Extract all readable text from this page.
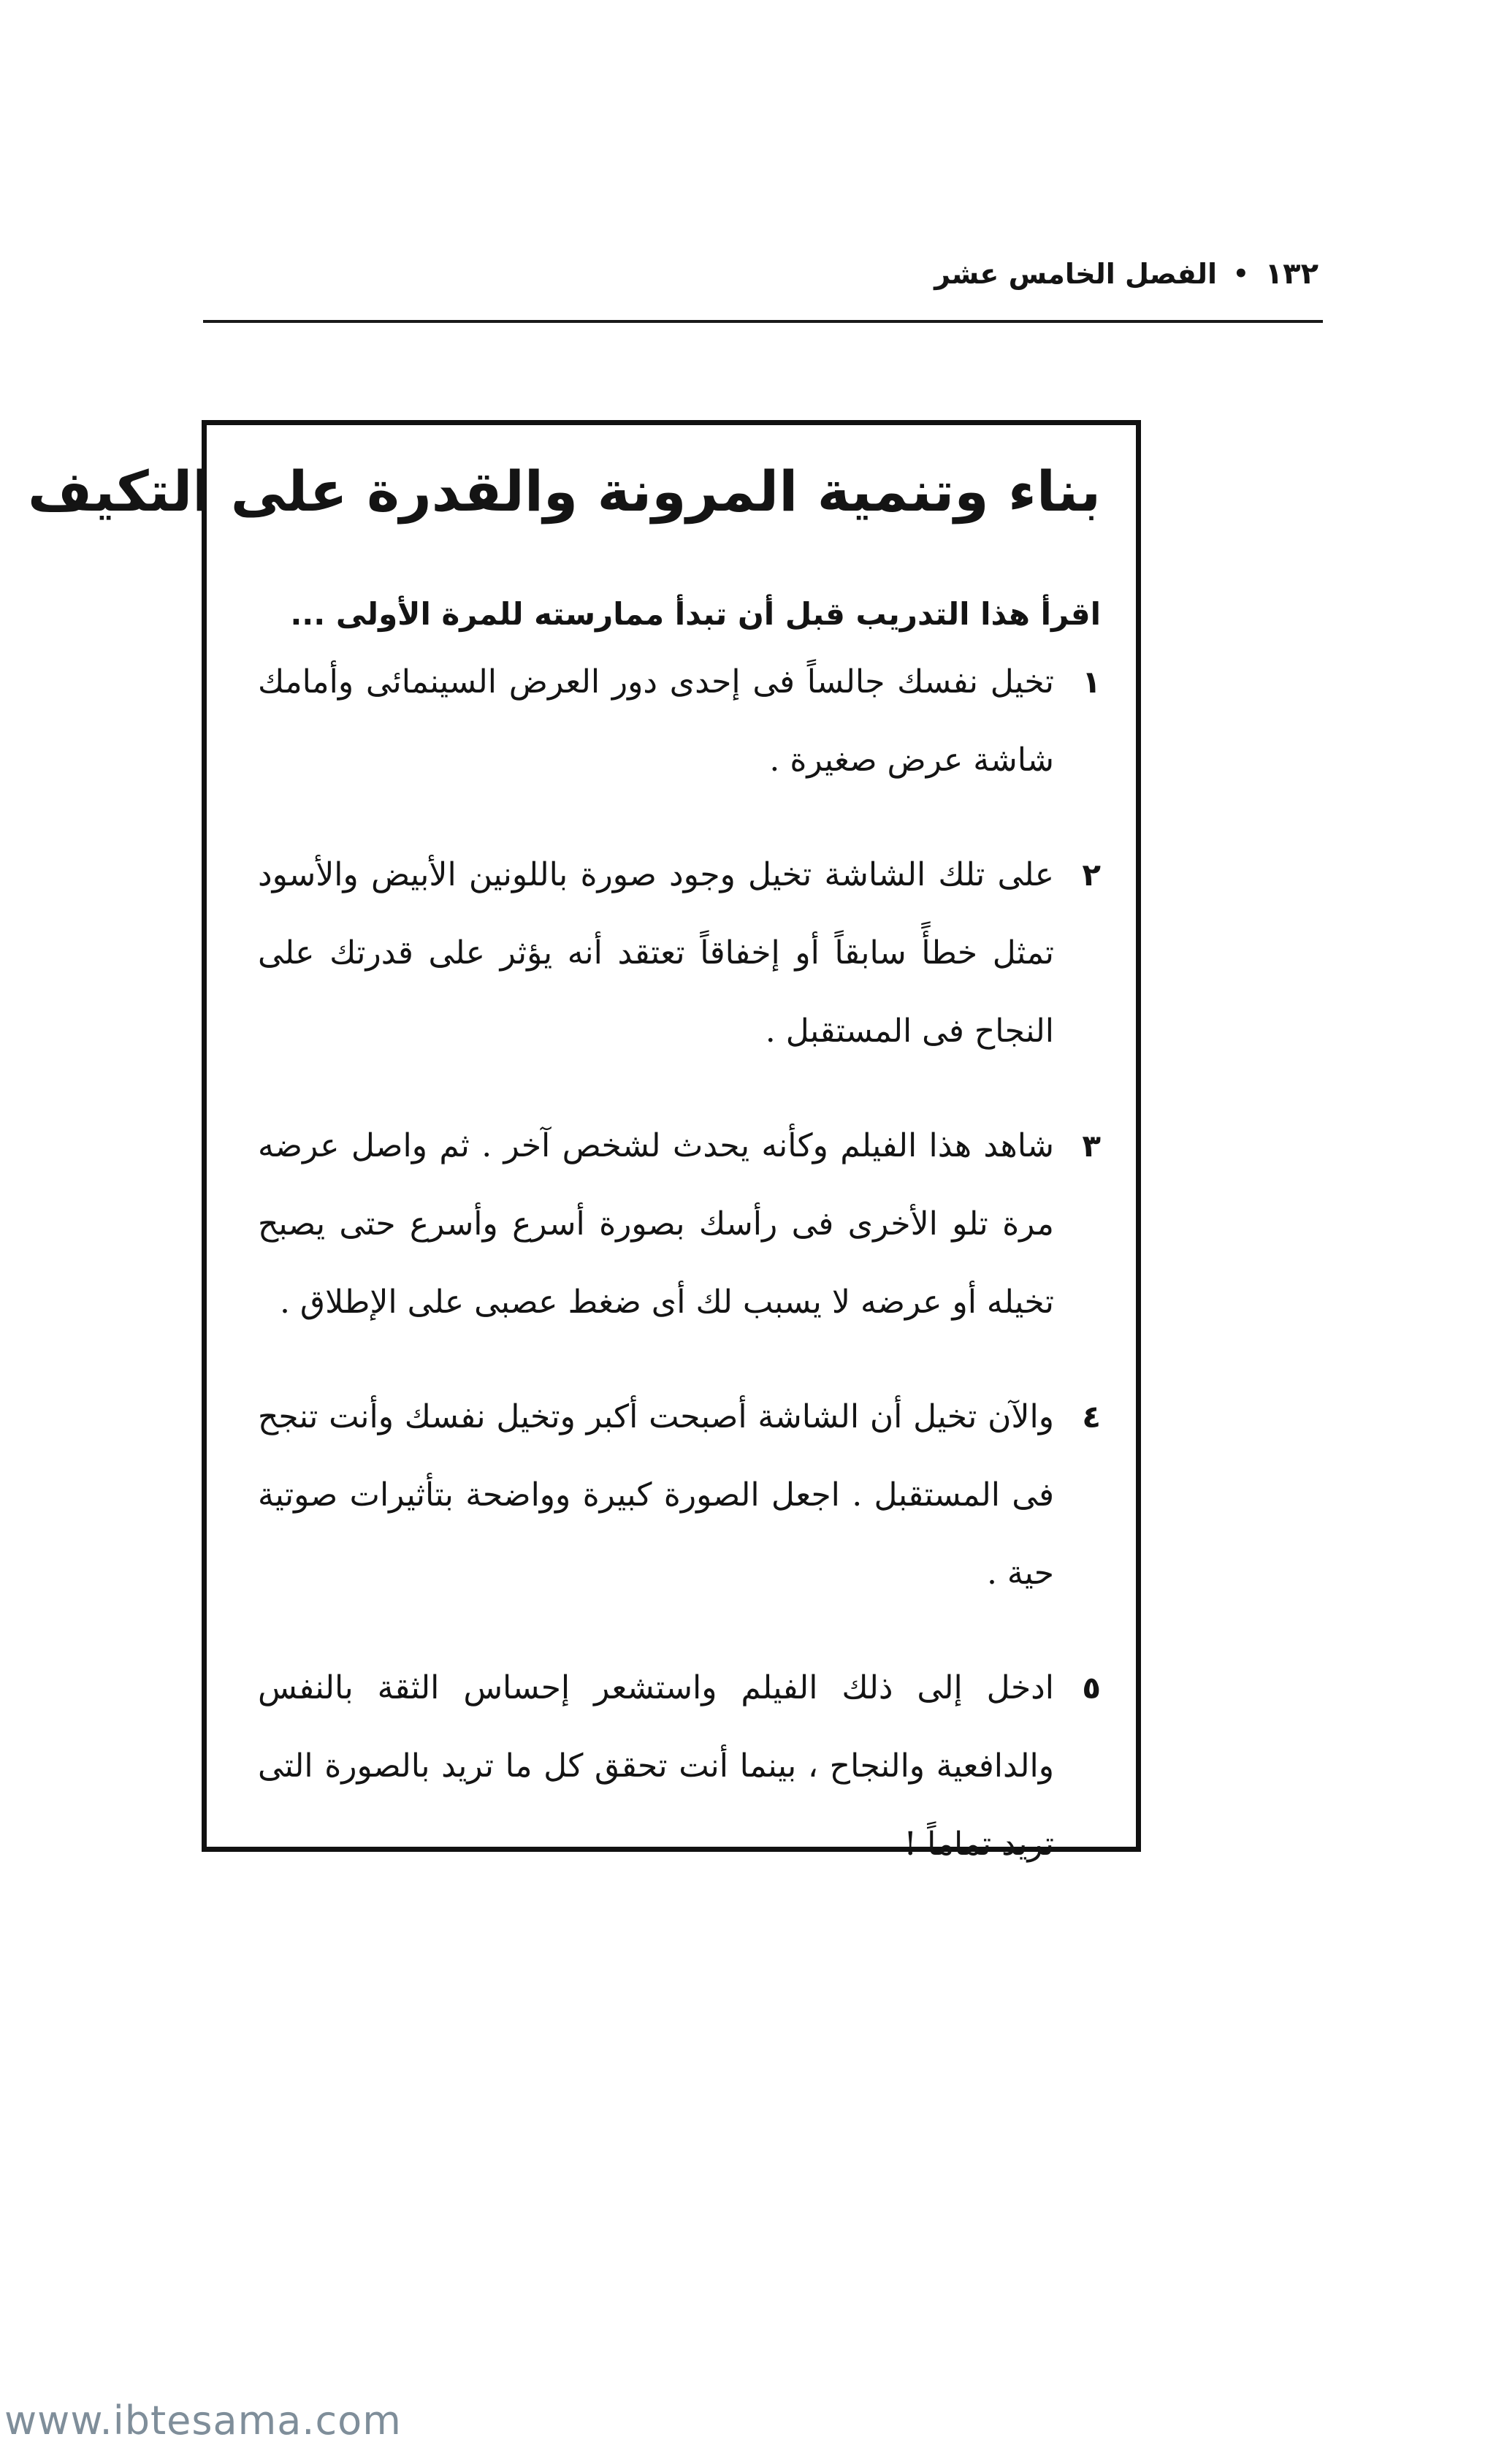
١٣٢
•
الفصل الخامس عشر
بناء وتنمية المرونة والقدرة على التكيف

اقرأ هذا التدريب قبل أن تبدأ ممارسته للمرة الأولى ...

١
تخيل نفسك جالساً فى إحدى دور العرض السينمائى وأمامك شاشة عرض صغيرة .
٢
على تلك الشاشة تخيل وجود صورة باللونين الأبيض والأسود تمثل خطأً سابقاً أو إخفاقاً تعتقد أنه يؤثر على قدرتك على النجاح فى المستقبل .
٣
شاهد هذا الفيلم وكأنه يحدث لشخص آخر . ثم واصل عرضه مرة تلو الأخرى فى رأسك بصورة أسرع وأسرع حتى يصبح تخيله أو عرضه لا يسبب لك أى ضغط عصبى على الإطلاق .
٤
والآن تخيل أن الشاشة أصبحت أكبر وتخيل نفسك وأنت تنجح فى المستقبل . اجعل الصورة كبيرة وواضحة بتأثيرات صوتية حية .
٥
ادخل إلى ذلك الفيلم واستشعر إحساس الثقة بالنفس والدافعية والنجاح ، بينما أنت تحقق كل ما تريد بالصورة التى تريد تماماً !
www.ibtesama.com
